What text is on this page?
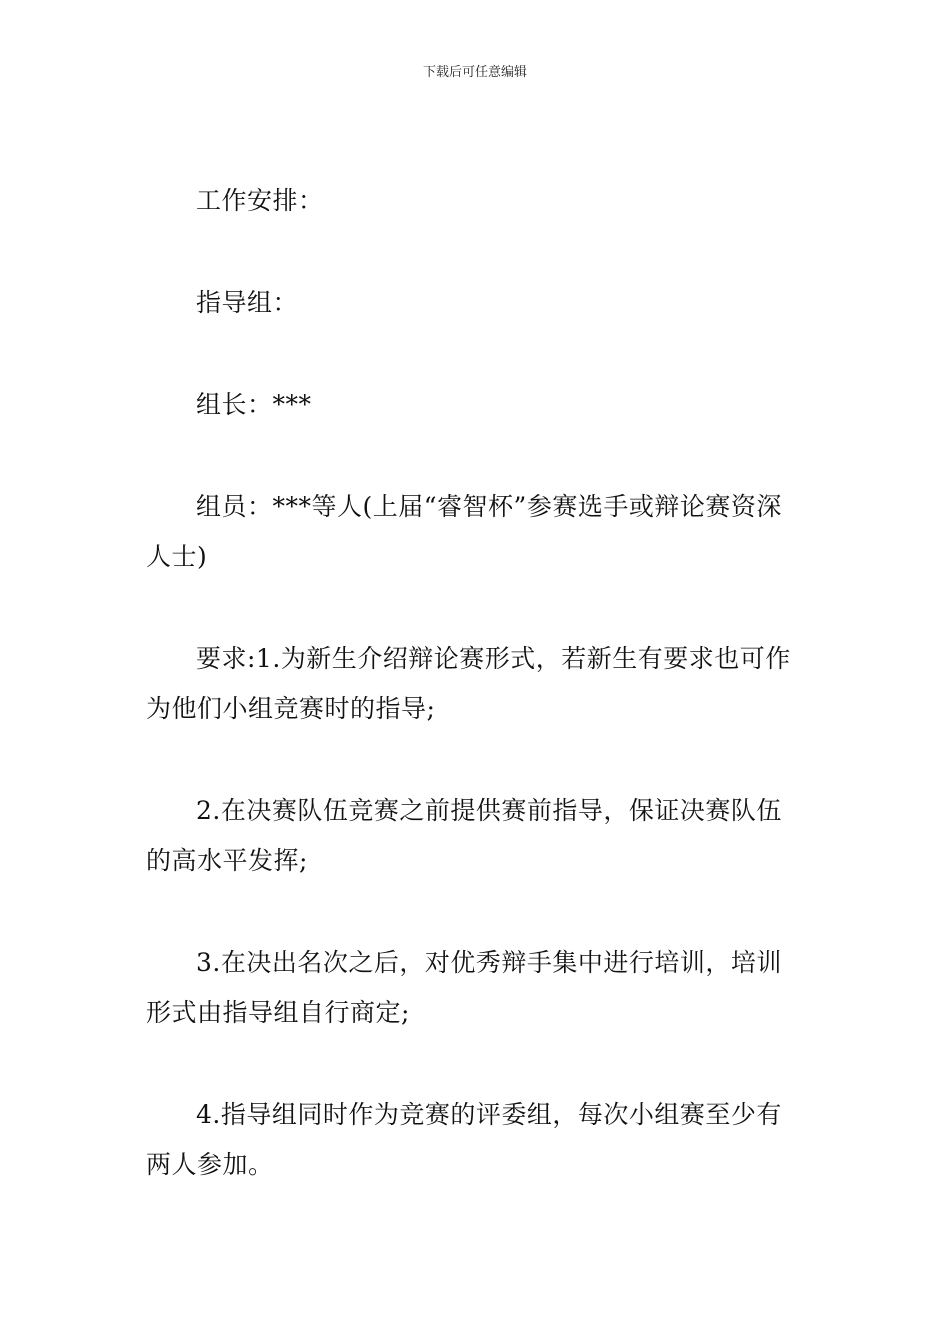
下载后可任意编辑

工作安排：

指导组：

组长：***

组员：***等人(上届“睿智杯”参赛选手或辩论赛资深人士)

要求:1.为新生介绍辩论赛形式，若新生有要求也可作为他们小组竞赛时的指导;

2.在决赛队伍竞赛之前提供赛前指导，保证决赛队伍的高水平发挥;

3.在决出名次之后，对优秀辩手集中进行培训，培训形式由指导组自行商定;

4.指导组同时作为竞赛的评委组，每次小组赛至少有两人参加。
